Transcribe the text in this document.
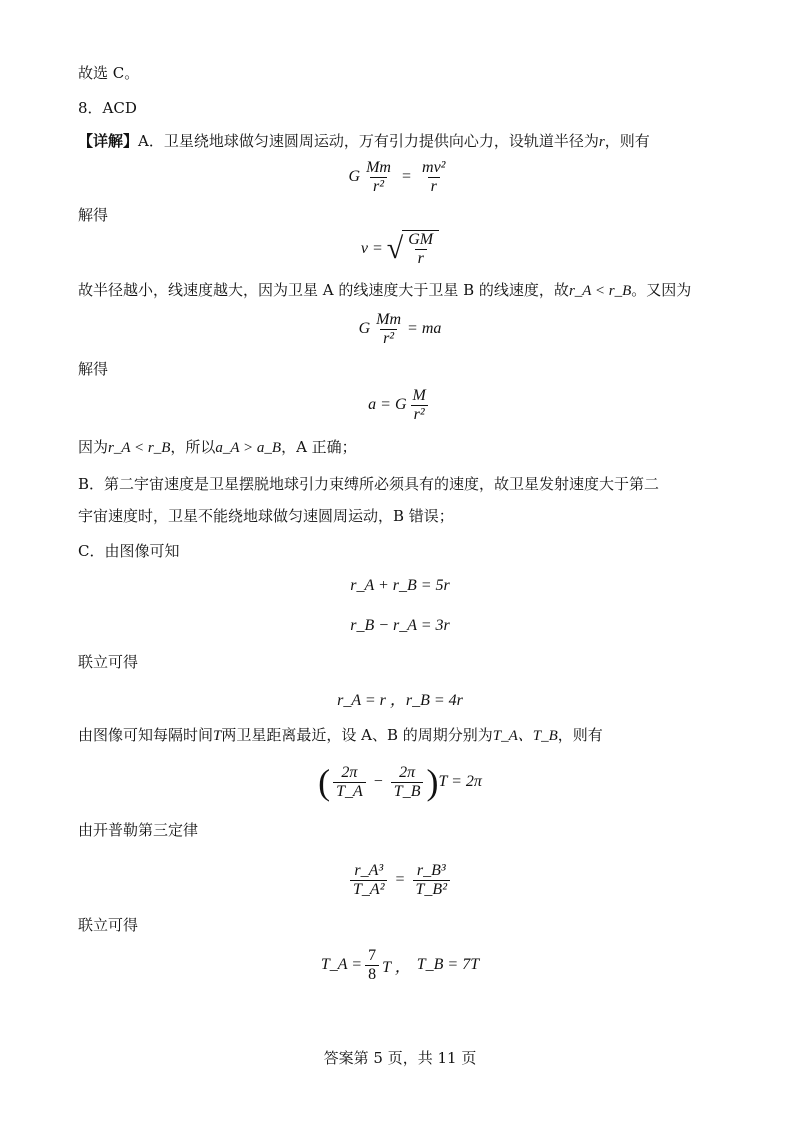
故选 C。
8．ACD
【详解】A．卫星绕地球做匀速圆周运动，万有引力提供向心力，设轨道半径为r，则有
G $\frac{Mm}{\text{r²}} = \frac{\text{mv²}}{r}$
解得
v = √ $\frac{GM}{r}$
故半径越小，线速度越大，因为卫星 A 的线速度大于卫星 B 的线速度，故r_A < r_B。又因为
G $\frac{Mm}{\text{r²}}$ = ma
解得
a = G $\frac{M}{\text{r²}}$
因为r_A < r_B，所以a_A > a_B，A 正确；
B．第二宇宙速度是卫星摆脱地球引力束缚所必须具有的速度，故卫星发射速度大于第二
宇宙速度时，卫星不能绕地球做匀速圆周运动，B 错误；
C．由图像可知
r_A + r_B = 5r
r_B − r_A = 3r
联立可得
r_A = r ，r_B = 4r
由图像可知每隔时间T两卫星距离最近，设 A、B 的周期分别为T_A、T_B，则有
( $\frac{2\pi}{T\_A} - \frac{2\pi}{T\_B}$ ) T = 2π
由开普勒第三定律
$\frac{\text{r\_A³}}{\text{T\_A²}} = \frac{\text{r\_B³}}{\text{T\_B²}}$
联立可得
T_A = $\frac{7}{8}$ T ， T_B = 7T
答案第 5 页，共 11 页
